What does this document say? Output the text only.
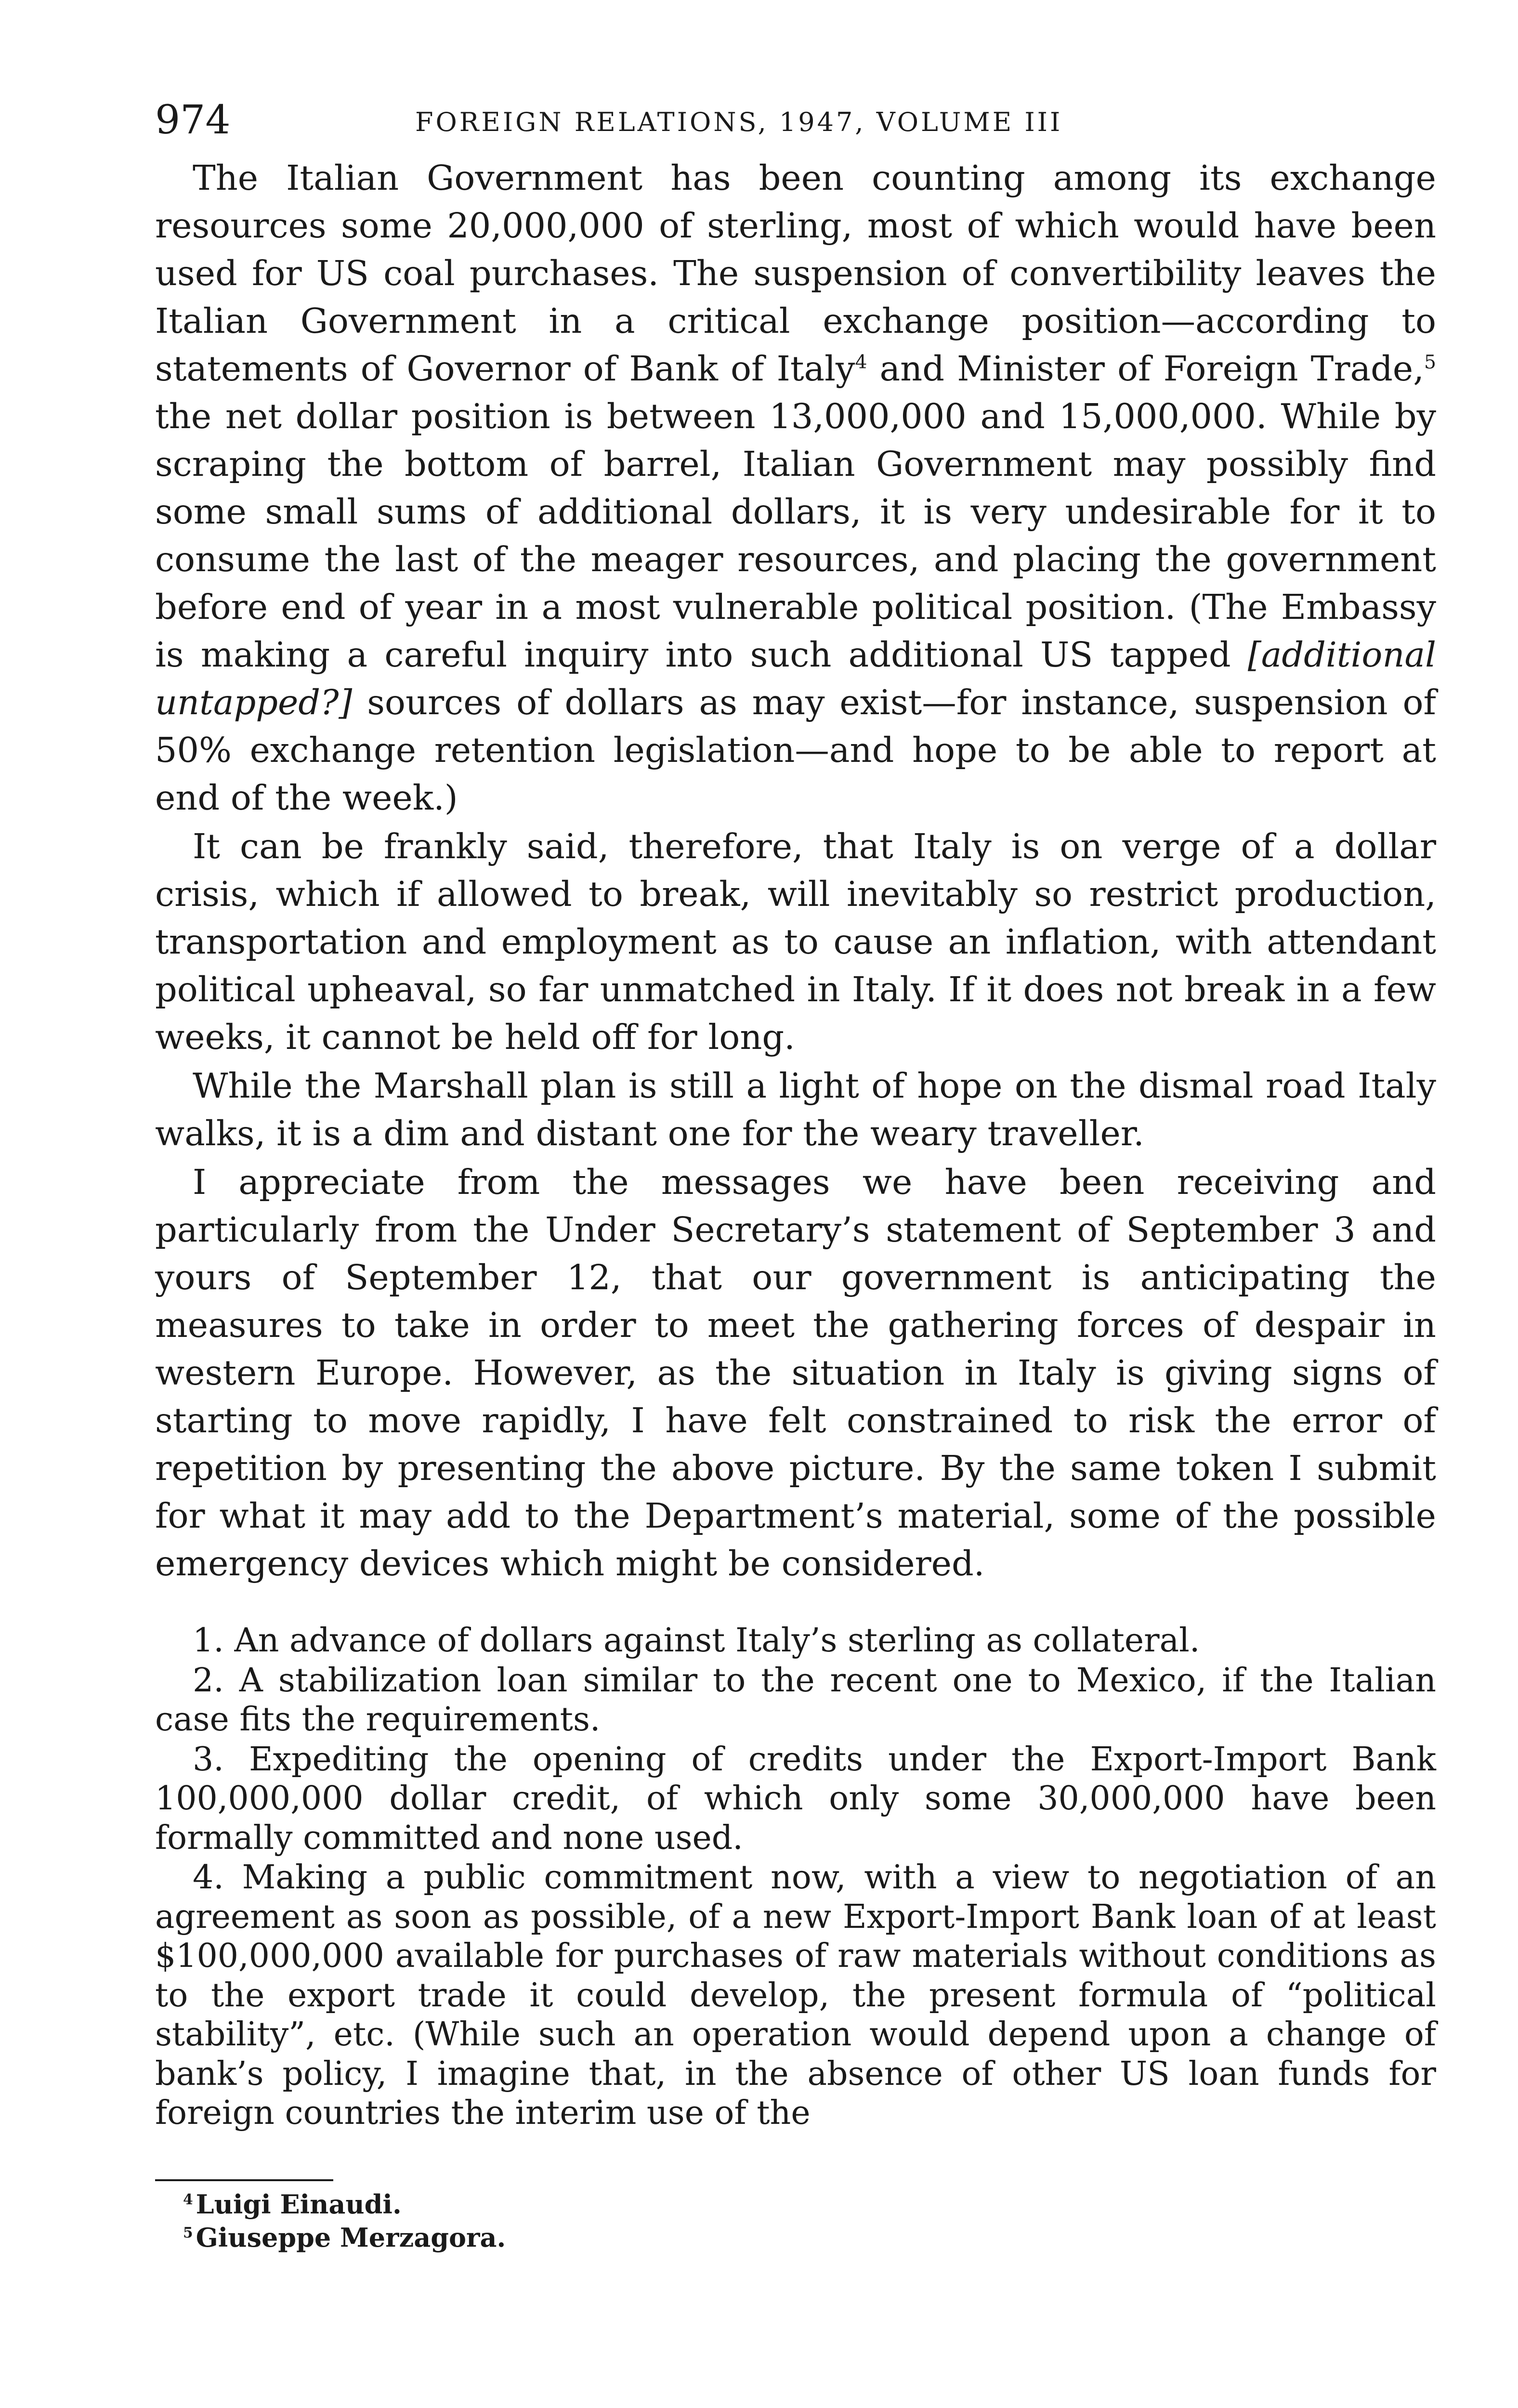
974	FOREIGN RELATIONS, 1947, VOLUME III

The Italian Government has been counting among its exchange resources some 20,000,000 of sterling, most of which would have been used for US coal purchases. The suspension of convertibility leaves the Italian Government in a critical exchange position—according to statements of Governor of Bank of Italy$^4$ and Minister of Foreign Trade,$^5$ the net dollar position is between 13,000,000 and 15,000,000. While by scraping the bottom of barrel, Italian Government may possibly find some small sums of additional dollars, it is very undesirable for it to consume the last of the meager resources, and placing the government before end of year in a most vulnerable political position. (The Embassy is making a careful inquiry into such additional US tapped [additional untapped?] sources of dollars as may exist—for instance, suspension of 50% exchange retention legislation—and hope to be able to report at end of the week.)

It can be frankly said, therefore, that Italy is on verge of a dollar crisis, which if allowed to break, will inevitably so restrict production, transportation and employment as to cause an inflation, with attendant political upheaval, so far unmatched in Italy. If it does not break in a few weeks, it cannot be held off for long.

While the Marshall plan is still a light of hope on the dismal road Italy walks, it is a dim and distant one for the weary traveller.

I appreciate from the messages we have been receiving and particularly from the Under Secretary’s statement of September 3 and yours of September 12, that our government is anticipating the measures to take in order to meet the gathering forces of despair in western Europe. However, as the situation in Italy is giving signs of starting to move rapidly, I have felt constrained to risk the error of repetition by presenting the above picture. By the same token I submit for what it may add to the Department’s material, some of the possible emergency devices which might be considered.

1. An advance of dollars against Italy’s sterling as collateral.

2. A stabilization loan similar to the recent one to Mexico, if the Italian case fits the requirements.

3. Expediting the opening of credits under the Export-Import Bank 100,000,000 dollar credit, of which only some 30,000,000 have been formally committed and none used.

4. Making a public commitment now, with a view to negotiation of an agreement as soon as possible, of a new Export-Import Bank loan of at least $100,000,000 available for purchases of raw materials without conditions as to the export trade it could develop, the present formula of “political stability”, etc. (While such an operation would depend upon a change of bank’s policy, I imagine that, in the absence of other US loan funds for foreign countries the interim use of the

$^4$ Luigi Einaudi.

$^5$ Giuseppe Merzagora.
